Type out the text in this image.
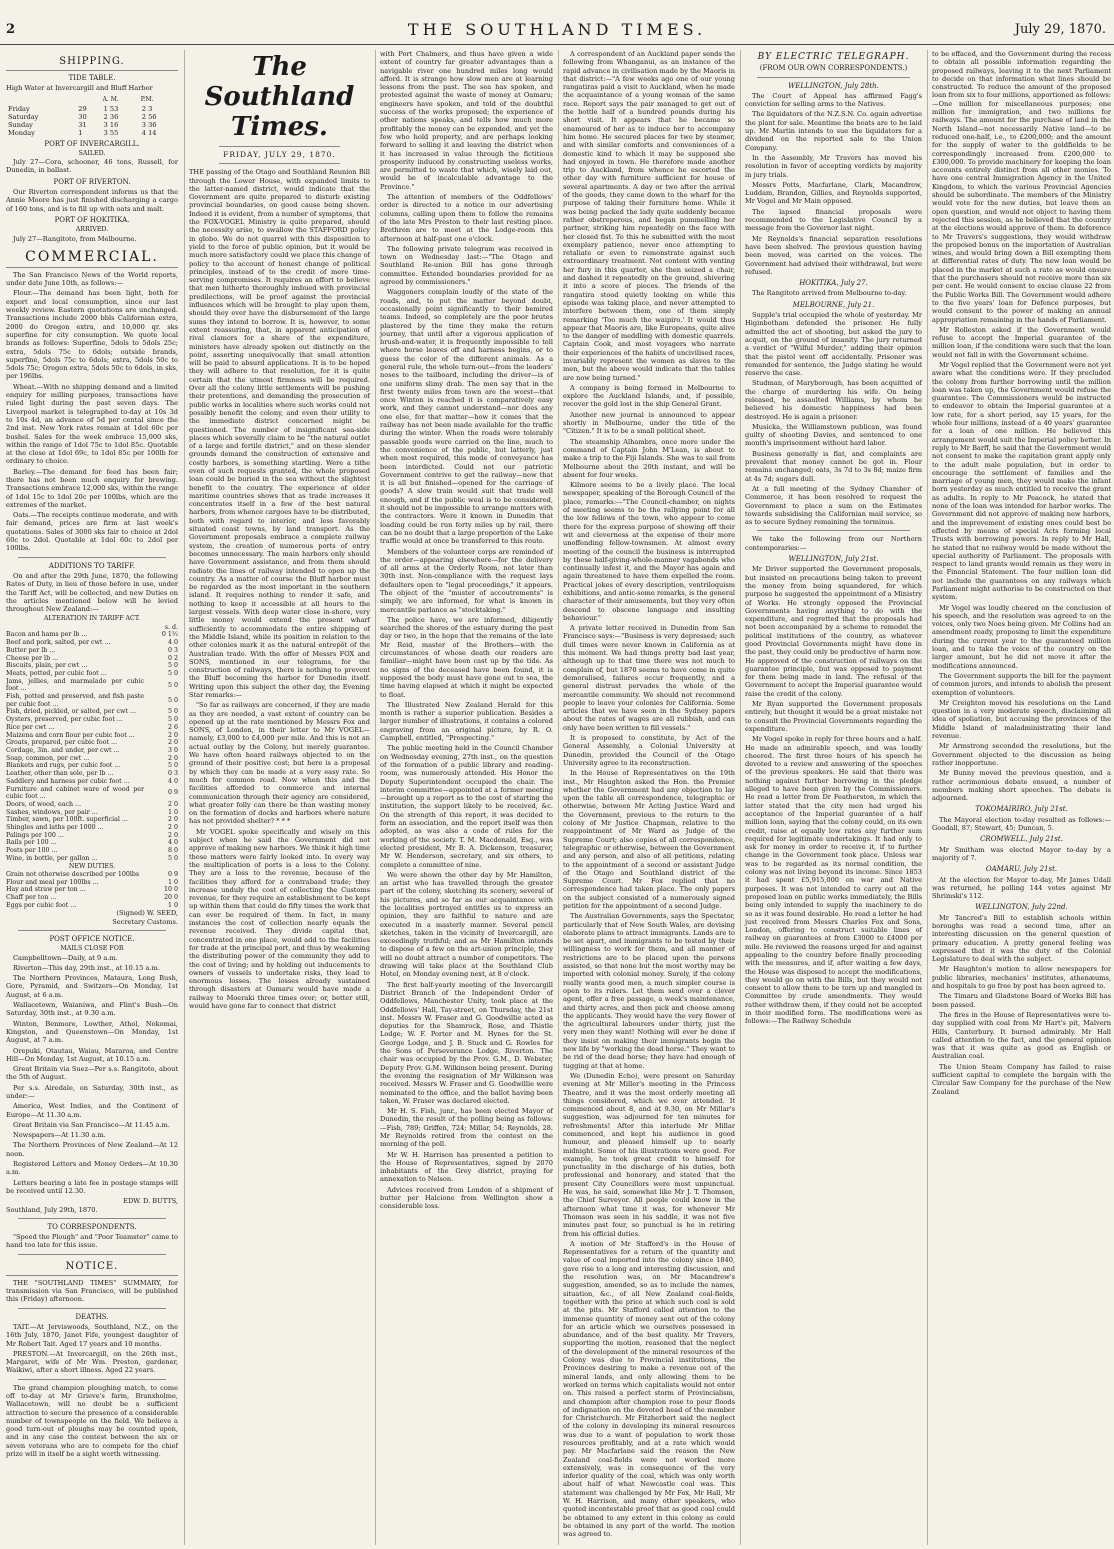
2	THE SOUTHLAND TIMES.	July 29, 1870.
SHIPPING.
TIDE TABLE.

High Water at Invercargill and Bluff Harbor

		A. M.	P.M.
Friday	29	1 53	2 3
Saturday	30	2 36	2 56
Sunday	31	3 16	3 36
Monday	1	3 55	4 14
PORT OF INVERCARGILL.
SAILED.

July 27—Cora, schooner, 46 tons, Russell, for Dunedin, in ballast.

PORT OF RIVERTON.

Our Riverton correspondent informs us that the Annie Moore has just finished discharging a cargo of 160 tons, and is to fill up with oats and malt.

PORT OF HOKITIKA.
ARRIVED.

July 27—Rangitoto, from Melbourne.

COMMERCIAL.

The San Francisco News of the World reports, under date June 10th, as follows:—

Flour.—The demand has been light, both for export and local consumption, since our last weekly review. Eastern quotations are unchanged. Transactions include 2000 bbls Californian extra, 2000 do Oregon extra, and 10,000 qr. sks superfine for city consumption. We quote local brands as follows: Superfine, 5dols to 5dols 25c; extra, 5dols 75c to 6dols; outside brands, superfine, 5dols 75c to 6dols; extra, 5dols 50c to 5dols 75c; Oregon extra, 5dols 50c to 6dols, in sks, per 196lbs.

Wheat.—With no shipping demand and a limited enquiry for milling purposes, transactions have ruled light during the past seven days. The Liverpool market is telegraphed to-day at 10s 3d to 10s 4d, an advance of 5d per cental since the 2nd inst. New York rates remain at 1dol 60c per bushel. Sales for the week embrace 15,000 sks, within the range of 1dol 75c to 1dol 85c. Quotable at the close at 1dol 69c, to 1dol 85c per 100lb for ordinary to choice.

Barley.—The demand for feed has been fair; there has not been much enquiry for brewing. Transactions embrace 12,000 sks, within the range of 1dol 15c to 1dol 20c per 100lbs, which are the extremes of the market.

Oats.—The receipts continue moderate, and with fair demand, prices are firm at last week's quotations. Sales of 3000 sks fair to choice at 2dol 60c to 2dol. Quotable at 1dol 60c to 2dol per 100lbs.

ADDITIONS TO TARIFF.

On and after the 29th June, 1870, the following Rates of Duty, in lieu of those before in use, under the Tariff Act, will be collected, and new Duties on the articles mentioned below will be levied throughout New Zealand:—

ALTERATION IN TARIFF ACT.
	s. d.
Bacon and hams per lb ...	0 1½
Beef and pork, salted, per cwt ...	4 0
Butter per lb ...	0 3
Cheese per lb ...	0 2
Biscuits, plain, per cwt ...	5 0
Meats, potted, per cubic foot ...	5 0
Jams, jellies, and marmalade per cubic foot ...	5 0
Fish, potted and preserved, and fish paste per cubic foot ...	5 0
Fish, dried, pickled, or salted, per cwt ...	5 0
Oysters, preserved, per cubic foot ...	5 0
Rice per cwt ...	2 6
Maizena and corn flour per cubic foot ...	2 0
Groats, prepared, per cubic foot ...	2 0
Cordage, 3in. and under, per cwt ...	3 0
Soap, common, per cwt ...	2 0
Blankets and rugs, per cubic foot ...	5 0
Leather, other than sole, per lb ...	0 3
Saddlery and harness per cubic foot ...	4 0
Furniture and cabinet ware of wood per cubic foot ...	0 9
Doors, of wood, each ...	2 0
Sashes, windows, per pair ...	1 0
Timber, sawn, per 100ft. superficial ...	2 0
Shingles and laths per 1000 ...	2 0
Palings per 100 ...	2 0
Rails per 100 ...	4 0
Posts per 100 ...	8 0
Wine, in bottle, per gallon ...	5 0
NEW DUTIES.
Grain not otherwise described per 100lbs	0 9
Flour and meal per 100lbs ...	1 0
Hay and straw per ton ...	10 0
Chaff per ton ...	20 0
Eggs per cubic foot ...	1 0
(Signed) W. SEED,
Secretary Customs.
POST OFFICE NOTICE.
MAILS CLOSE FOR

Campbelltown—Daily, at 9 a.m.

Riverton—This day, 29th inst., at 10.15 a.m.

The Northern Provinces, Mataura, Long Bush, Gore, Pyramid, and Switzers—On Monday, 1st August, at 6 a.m.

Wallacetown, Waianiwa, and Flint's Bush—On Saturday, 30th inst., at 9.30 a.m.

Winton, Benmore, Lowther, Athol, Nokomai, Kingston, and Queenstown—On Monday, 1st August, at 7 a.m.

Orepuki, Otautau, Waiau, Mararoa, and Centre Hill—On Monday, 1st August, at 10.15 a.m.

Great Britain via Suez—Per s.s. Rangitoto, about the 5th of August.

Per s.s. Airedale, on Saturday, 30th inst., as under:—

America, West Indies, and the Continent of Europe—At 11.30 a.m.

Great Britain via San Francisco—At 11.45 a.m.

Newspapers—At 11.30 a.m.

The Northern Provinces of New Zealand—At 12 noon.

Registered Letters and Money Orders—At 10.30 a.m.

Letters bearing a late fee in postage stamps will be received until 12.30.

EDW. D. BUTTS,

Southland, July 29th, 1870.

TO CORRESPONDENTS.

"Speed the Plough" and "Poor Teamster" came to hand too late for this issue.

NOTICE.

THE "SOUTHLAND TIMES" SUMMARY, for transmission via San Francisco, will be published this (Friday) afternoon.

DEATHS.

TAIT.—At Jerviswoods, Southland, N.Z., on the 16th July, 1870, Janet Fife, youngest daughter of Mr Robert Tait. Aged 17 years and 10 months.

PRESTON.—At Invercargill, on the 26th inst., Margaret, wife of Mr Wm. Preston, gardener, Waikiwi, after a short illness. Aged 22 years.

The grand champion ploughing match, to come off to-day at Mr Grieve's farm, Branxholme, Wallacetown, will no doubt be a sufficient attraction to secure the presence of a considerable number of townspeople on the field. We believe a good turn-out of ploughs may be counted upon, and in any case the contest between the six or seven veterans who are to compete for the chief prize will in itself be a sight worth witnessing.

The Southland Times.
FRIDAY, JULY 29, 1870.

THE passing of the Otago and Southland Reunion Bill through the Lower House, with expanded limits to the latter-named district, would indicate that the Government are quite prepared to disturb existing provincial boundaries, on good cause being shown. Indeed it is evident, from a number of symptoms, that the FOX-VOGEL Ministry is quite prepared, should the necessity arise, to swallow the STAFFORD policy in globo. We do not quarrel with this disposition to yield to the force of public opinion, but it would be much more satisfactory could we place this change of policy to the account of honest change of political principles, instead of to the credit of mere time-serving compromises. It requires an effort to believe that men hitherto thoroughly imbued with provincial predilections, will be proof against the provincial influences which will be brought to play upon them, should they ever have the disbursement of the large sums they intend to borrow. It is, however, to some extent reassuring, that, in apparent anticipation of rival clamors for a share of the expenditure, ministers have already spoken out distinctly on the point, asserting unequivocally that small attention will be paid to absurd applications. It is to be hoped they will adhere to that resolution, for it is quite certain that the utmost firmness will be required. Over all the colony little settlements will be pushing their pretentions, and demanding the prosecution of public works in localities where such works could not possibly benefit the colony, and even their utility to the immediate district concerned might be questioned. The number of insignificant sea-side places which severally claim to be "the natural outlet of a large and fertile district," and on these slender grounds demand the construction of extensive and costly harbors, is something startling. Were a tithe even of such requests granted, the whole proposed loan could be buried in the sea without the slightest benefit to the country. The experience of older maritime countries shows that as trade increases it concentrates itself in a few of the best natural harbors, from whence cargoes have to be distributed, both with regard to interior, and less favorably situated coast towns, by land transport. As the Government proposals embrace a complete railway system, the creation of numerous ports of entry becomes unnecessary. The main harbors only should have Government assistance, and from them should radiate the lines of railway intended to open up the country. As a matter of course the Bluff harbor must be regarded as the most important in the southern island. It requires nothing to render it safe, and nothing to keep it accessible at all hours to the largest vessels. With deep water close in-shore, very little money would extend the present wharf sufficiently to accommodate the entire shipping of the Middle Island, while its position in relation to the other colonies mark it as the natural entrepôt of the Australian trade. With the offer of Messrs FOX and SONS, mentioned in our telegrams, for the construction of railways, there is nothing to prevent the Bluff becoming the harbor for Dunedin itself. Writing upon this subject the other day, the Evening Star remarks:—

"So far as railways are concerned, if they are made as they are needed, a vast extent of country can be opened up at the rate mentioned by Messrs Fox and SONS, of London, in their letter to Mr VOGEL—namely, £3,000 to £4,000 per mile. And this is not an actual outlay by the Colony, but merely guarantee. We have often heard railways objected to on the ground of their positive cost; but here is a proposal by which they can be made at a very easy rate. So much for common road. Now when this and the facilities afforded to commerce and internal communication through their agency are considered, what greater folly can there be than wasting money on the formation of docks and harbors where nature has not provided shelter? * * *

Mr VOGEL spoke specifically and wisely on this subject when he said the Government did not approve of making new harbors. We think it high time these matters were fairly looked into. In every way the multiplication of ports is a loss to the Colony. They are a loss to the revenue, because of the facilities they afford for a contraband trade; they increase unduly the cost of collecting the Customs revenue, for they require an establishment to be kept up within them that could do fifty times the work that can ever be required of them. In fact, in many instances the cost of collection nearly equals the revenue received. They divide capital that, concentrated in one place, would add to the facilities for trade at the principal port, and thus by weakening the distributing power of the community they add to the cost of living; and by holding out inducements to owners of vessels to undertake risks, they lead to enormous losses. The losses already sustained through disasters at Oamaru would have made a railway to Moeraki three times over; or, better still, would have gone far to connect that district

with Port Chalmers, and thus have given a wide extent of country far greater advantages than a navigable river one hundred miles long would afford. It is strange how slow men are at learning lessons from the past. The sea has spoken, and protested against the waste of money at Oamaru; engineers have spoken, and told of the doubtful success of the works proposed; the experience of other nations speaks, and tells how much more profitably the money can be expended, and yet the few who hold property, and are perhaps looking forward to selling it and leaving the district when it has increased in value through the fictitious prosperity induced by constructing useless works, are permitted to waste that which, wisely laid out, would be of incalculable advantage to the Province."

The attention of members of the Oddfellows' order is directed to a notice in our advertising columns, calling upon them to follow the remains of the late Mrs Preston to their last resting place. Brethren are to meet at the Lodge-room this afternoon at half-past one o'clock.

The following private telegram was received in town on Wednesday last:—"The Otago and Southland Re-union Bill has gone through committee. Extended boundaries provided for as agreed by commissioners."

Waggoners complain loudly of the state of the roads, and, to put the matter beyond doubt, occasionally point significantly to their bemired teams. Indeed, so completely are the poor brutes plastered by the time they make the return journey, that until after a vigorous application of brush-and-water, it is frequently impossible to tell where horse leaves off and harness begins, or to guess the color of the different animals. As a general rule, the whole turn-out—from the leaders' noses to the tailboard, including the driver—is of one uniform slimy drab. The men say that in the first twenty miles from town are the worst—that once Winton is reached it is comparatively easy work, and they cannot understand—nor does any one else, for that matter—how it comes that the railway has not been made available for the traffic during the winter. When the roads were tolerably passable goods were carried on the line, much to the convenience of the public, but latterly, just when most required, this mode of conveyance has been interdicted. Could not our patriotic Government contrive to get the railway—now that it is all but finished—opened for the carriage of goods? A slow train would suit that trade well enough, and if the public weal is to be considered, it should not be impossible to arrange matters with the contractors. Were it known in Dunedin that loading could be run forty miles up by rail, there can be no doubt that a large proportion of the Lake traffic would at once be transferred to this route.

Members of the volunteer corps are reminded of the order—appearing elsewhere—for the delivery of all arms at the Orderly Room, not later than 30th inst. Non-compliance with the request lays defaulters open to "legal proceedings," it appears. The object of the "muster of accoutrements" is simply, we are informed, for what is known in mercantile parlance as "stocktaking."

The police have, we are informed, diligently searched the shores of the estuary during the past day or two, in the hope that the remains of the late Mr Reid, master of the Brothers—with the circumstances of whose death our readers are familiar—might have been cast up by the tide. As no signs of the deceased have been found, it is supposed the body must have gone out to sea, the time having elapsed at which it might be expected to float.

The Illustrated New Zealand Herald for this month is rather a superior publication. Besides a larger number of illustrations, it contains a colored engraving from an original picture, by R. O. Campbell, entitled, "Prospecting."

The public meeting held in the Council Chamber on Wednesday evening, 27th inst., on the question of the formation of a public library and reading-room, was numerously attended. His Honor the Deputy Superintendent occupied the chair. The interim committee—appointed at a former meeting—brought up a report as to the cost of starting the institution, the support likely to be received, &c. On the strength of this report, it was decided to form an association, and the report itself was then adopted, as was also a code of rules for the working of the society. T. M. Macdonald, Esq., was elected president, Mr B. A. Dickenson, treasurer, Mr W. Henderson, secretary, and six others, to complete a committee of nine.

We were shown the other day by Mr Hamilton, an artist who has travelled through the greater part of the colony, sketching its scenery, several of his pictures, and so far as our acquaintance with the localities portrayed entitles us to express an opinion, they are faithful to nature and are executed in a masterly manner. Several pencil sketches, taken in the vicinity of Invercargill, are exceedingly truthful; and as Mr Hamilton intends to dispose of a few on the art-union principle, they will no doubt attract a number of competitors. The drawing will take place at the Southland Club Hotel, on Monday evening next, at 8 o'clock.

The first half-yearly meeting of the Invercargill District Branch of the Independent Order of Oddfellows, Manchester Unity, took place at the Oddfellows' Hall, Tay-street, on Thursday, the 21st inst. Messrs W. Fraser and G. Goodwillie acted as deputies for the Shamrock, Rose, and Thistle Lodge; W. F. Porter and M. Hynes for the St. George Lodge, and J. B. Stuck and G. Rowles for the Sons of Perseverance Lodge, Riverton. The chair was occupied by the Prov. G.M., D. Webster, Deputy Prov. G.M. Wilkinson being present. During the evening the resignation of Mr Wilkinson was received. Messrs W. Fraser and G. Goodwillie were nominated to the office, and the ballot having been taken, W. Fraser was declared elected.

Mr H. S. Fish, junr., has been elected Mayor of Dunedin, the result of the polling being as follows:—Fish, 789; Griffen, 724; Millar, 54; Reynolds, 28. Mr Reynolds retired from the contest on the morning of the poll.

Mr W. H. Harrison has presented a petition to the House of Representatives, signed by 2070 inhabitants of the Grey district, praying for annexation to Nelson.

Advices received from London of a shipment of butter per Halcione from Wellington show a considerable loss.

A correspondent of an Auckland paper sends the following from Whanganui, as an instance of the rapid advance in civilisation made by the Maoris in that district:—"A few weeks ago one of our young rangatiras paid a visit to Auckland, when he made the acquaintance of a young woman of the same race. Report says the pair managed to get out of the bottle half of a hundred pounds during his short visit. It appears that he became so enamoured of her as to induce her to accompany him home. He secured places for two by steamer, and with similar comforts and conveniences of a domestic kind to which it may be supposed she had enjoyed in town. He therefore made another trip to Auckland, from whence he escorted the other day with furniture sufficient for house of several apartments. A day or two after the arrival of the goods, they came down to the wharf for the purpose of taking their furniture home. While it was being packed the lady quite suddenly became rather obstreperous, and began pummelling her partner, striking him repeatedly on the face with her closed fist. To this he submitted with the most exemplary patience, never once attempting to retaliate or even to remonstrate against such extraordinary treatment. Not content with venting her fury in this quarter, she then seized a chair, and dashed it repeatedly on the ground, shivering it into a score of pieces. The friends of the rangatira stood quietly looking on while this episode was taking place, and never attempted to interfere between them, one of them simply remarking 'Too much the waipiro.' It would thus appear that Maoris are, like Europeans, quite alive to the danger of meddling with domestic quarrels. Captain Cook, and most voyagers who narrate their experiences of the habits of uncivilised races, invariably represent the women as slaves to the men, but the above would indicate that the tables are now being turned."

A company is being formed in Melbourne to explore the Auckland Islands, and, if possible, recover the gold lost in the ship General Grant.

Another new journal is announced to appear shortly in Melbourne, under the title of the "Citizen." It is to be a small political sheet.

The steamship Alhambra, once more under the command of Captain John M'Lean, is about to make a trip to the Fiji Islands. She was to sail from Melbourne about the 20th instant, and will be absent for four weeks.

Kilmore seems to be a lively place. The local newspaper, speaking of the Borough Council of the place, remarks:—"The Council-chamber, on nights of meeting seems to be the rallying point for all the low fellows of the town, who appear to come there for the express purpose of showing off their wit and cleverness at the expense of their more unoffending fellow-townsmen. At almost every meeting of the council the business is interrupted by these half-giving-whole-manner vagabonds who continually infest it, and the Mayor has again and again threatened to have them expelled the room. Practical jokes of every description, ventriloquism exhibitions, and antic-some remarks, is the general character of their amusements, but they very often descend to obscene language and insulting behaviour."

A private letter received in Dunedin from San Francisco says:—"Business is very depressed; such dull times were never known in California as at this moment. We had things pretty bad last year, although up to that time there was not much to complain of, but 1870 seems to have come in quite demoralised, failures occur frequently, and a general distrust pervades the whole of the mercantile community. We should not recommend people to leave your colonies for California. Some articles that we have seen in the Sydney papers about the rates of wages are all rubbish, and can only have been written to fill vessels."

It is proposed to constitute, by Act of the General Assembly, a Colonial University at Dunedin, provided the Council of the Otago University agree to its reconstruction.

In the House of Representatives on the 19th inst., Mr Haughton asked the Hon. the Premier whether the Government had any objection to lay upon the table all correspondence, telegraphic or otherwise, between Mr Acting Justice Ward and the Government, previous to the return to the colony of Mr Justice Chapman, relative to the reappointment of Mr Ward as Judge of the Supreme Court; also copies of all correspondence, telegraphic or otherwise, between the Government and any person, and also of all petitions, relating to the appointment of a second or assistant Judge of the Otago and Southland district of the Supreme Court. Mr Fox replied that no correspondence had taken place. The only papers on the subject consisted of a numerously signed petition for the appointment of a second Judge.

The Australian Governments, says the Spectator, particularly that of New South Wales, are devising elaborate plans to attract immigrants. Lands are to be set apart, and immigrants to be tested by their willingness to work for them, and all manner of restrictions are to be placed upon the persons assisted, so that none but the most worthy may be imported with colonial money. Surely, if the colony really wants good men, a much simpler course is open to its rulers. Let them send over a clever agent, offer a free passage, a week's maintenance, and thirty acres, and then pick and choose among the applicants. They would have the very flower of the agricultural labourers under thirty, just the very men they want! Nothing will ever be done if they insist on making their immigrants begin the new life by "working the dead horse." They want to be rid of the dead horse; they have had enough of tugging at that at home.

We (Dunedin Echo), were present on Saturday evening at Mr Miller's meeting in the Princess Theatre, and it was the most orderly meeting all things considered, which we ever attended. It commenced about 8, and at 9.30, on Mr Millar's suggestion, was adjourned for ten minutes for refreshments! After this interlude Mr Millar commenced, and kept his audience in good humour, and pleased himself up to nearly midnight. Some of his illustrations were good. For example, he took great credit to himself for punctuality in the discharge of his duties, both professional and honorary, and stated that the present City Councillors were most unpunctual. He was, he said, somewhat like Mr J. T. Thomson, the Chief Surveyor. All people could know in the afternoon what time it was, for whenever Mr Thomson was seen in his saddle, it was not five minutes past four, so punctual is he in retiring from his official duties.

A motion of Mr Stafford's in the House of Representatives for a return of the quantity and value of coal imported into the colony since 1840, gave rise to a long and interesting discussion, and the resolution was, on Mr Macandrew's suggestion, amended, so as to include the names, situation, &c., of all New Zealand coal-fields, together with the price at which such coal is sold at the pits. Mr Stafford called attention to the immense quantity of money sent out of the colony for an article which we ourselves possessed in abundance, and of the best quality. Mr Travers, supporting the motion, reasoned that the neglect of the development of the mineral resources of the Colony was due to Provincial institutions, the Provinces desiring to make a revenue out of the mineral lands, and only allowing them to be worked on terms which capitalists would not enter on. This raised a perfect storm of Provincialism, and champion after champion rose to pour floods of indignation on the devoted head of the member for Christchurch. Mr Fitzherbert said the neglect of the colony in developing its mineral resources was due to a want of population to work those resources profitably, and at a rate which would pay. Mr Macfarlane said the reason the New Zealand coal-fields were not worked more extensively, was in consequence of the very inferior quality of the coal, which was only worth about half of what Newcastle coal was. This statement was challenged by Mr Fox, Mr Hall, Mr W. H. Harrison, and many other speakers, who quoted incontestable proof that as good coal could be obtained to any extent in this colony as could be obtained in any part of the world. The motion was agreed to.

BY ELECTRIC TELEGRAPH.
(FROM OUR OWN CORRESPONDENTS.)
WELLINGTON, July 28th.

The Court of Appeal has affirmed Fagg's conviction for selling arms to the Natives.

The liquidators of the N.Z.S.N. Co. again advertise the plant for sale. Meantime the boats are to be laid up. Mr Martin intends to sue the liquidators for a dividend on the reported sale to the Union Company.

In the Assembly, Mr Travers has moved his resolution in favor of accepting verdicts by majority in jury trials.

Messrs Potts, Macfarlane, Clark, Macandrew, Luddam, Brandon, Gillies, and Reynolds supported, Mr Vogel and Mr Main opposed.

The lapsed financial proposals were recommended to the Legislative Council by a message from the Governor last night.

Mr Reynolds's financial separation resolutions have been shelved. The previous question having been moved, was carried on the voices. The Government had advised their withdrawal, but were refused.

HOKITIKA, July 27.

The Rangitoto arrived from Melbourne to-day.

MELBOURNE, July 21.

Supple's trial occupied the whole of yesterday. Mr Higinbotham defended the prisoner. He fully admitted the act of shooting, but asked the jury to acquit, on the ground of insanity. The jury returned a verdict of "Wilful Murder," adding their opinion that the pistol went off accidentally. Prisoner was remanded for sentence, the Judge stating he would reserve the case.

Studman, of Maryborough, has been acquitted of the charge of murdering his wife. On being released, he assaulted Williams, by whom he believed his domestic happiness had been destroyed. He is again a prisoner.

Musicka, the Williamstown publican, was found guilty of shooting Davies, and sentenced to one month's imprisonment without hard labor.

Business generally is flat, and complaints are prevalent that money cannot be got in. Flour remains unchanged; oats, 3s 7d to 3s 8d; maize firm at 4s 7d; sugars dull.

At a full meeting of the Sydney Chamber of Commerce, it has been resolved to request the Government to place a sum on the Estimates towards subsidising the Californian mail service, so as to secure Sydney remaining the terminus.

We take the following from our Northern contemporaries:—

WELLINGTON, July 21st.

Mr Driver supported the Government proposals, but insisted on precautions being taken to prevent the money from being squandered, for which purpose he suggested the appointment of a Ministry of Works. He strongly opposed the Provincial Governments having anything to do with the expenditure, and regretted that the proposals had not been accompanied by a scheme to remodel the political institutions of the country, as whatever good Provincial Governments might have done in the past, they could only be productive of harm now. He approved of the construction of railways on the guarantee principle, but was opposed to payment for them being made in land. The refusal of the Government to accept the Imperial guarantee would raise the credit of the colony.

Mr Ryan supported the Government proposals entirely, but thought it would be a great mistake not to consult the Provincial Governments regarding the expenditure.

Mr Vogel spoke in reply for three hours and a half. He made an admirable speech, and was loudly cheered. The first three hours of his speech he devoted to a review and answering of the speeches of the previous speakers. He said that there was nothing against further borrowing in the pledge alleged to have been given by the Commissioners. He read a letter from Dr Featherston, in which the latter stated that the city men had urged his acceptance of the Imperial guarantee of a half million loan, saying that the colony could, on its own credit, raise at equally low rates any further sum required for legitimate undertakings. It had only to ask for money in order to receive it, if to further change in the Government took place. Unless war was to be regarded as its normal condition, the colony was not living beyond its income. Since 1853 it had spent £5,915,000 on war and Native purposes. It was not intended to carry out all the proposed loan on public works immediately, the Bills being only intended to supply the machinery to do so as it was found desirable. He read a letter he had just received from Messrs Charles Fox and Sons, London, offering to construct suitable lines of railway on guarantees at from £3000 to £4000 per mile. He reviewed the reasons urged for and against appealing to the country before finally proceeding with the measures, and if, after waiting a few days, the House was disposed to accept the modifications, they would go on with the Bills, but they would not consent to allow them to be torn up and mangled in Committee by crude amendments. They would rather withdraw them, if they could not be accepted in their modified form. The modifications were as follows:—The Railway Schedule

to be effaced, and the Government during the recess to obtain all possible information regarding the proposed railways, leaving it to the next Parliament to decide on that information what lines should be constructed. To reduce the amount of the proposed loan from six to four millions, apportioned as follows:—One million for miscellaneous purposes; one million for immigration, and two millions for railways. The amount for the purchase of land in the North Island—not necessarily Native land—to be reduced one-half, i.e., to £200,000; and the amount for the supply of water to the goldfields to be correspondingly increased from £200,000 to £300,000. To provide machinery for keeping the loan accounts entirely distinct from all other monies. To have one central Immigration Agency in the United Kingdom, to which the various Provincial Agencies should be subordinate. The members of the Ministry would vote for the new duties, but leave them an open question, and would not object to having them rejected this session, as he believed that the country at the elections would approve of them. In deference to Mr Travers's suggestions, they would withdraw the proposed bonus on the importation of Australian wines, and would bring down a Bill exempting them at differential rates of duty. The new loan would be placed in the market at such a rate as would ensure that the purchasers should not receive more than six per cent. He would consent to excise clause 22 from the Public Works Bill. The Government would adhere to the five years' loan for Defence purposes, but would consent to the power of making an annual appropriation remaining in the hands of Parliament.

Mr Rolleston asked if the Government would refuse to accept the Imperial guarantee of the million loan, if the conditions were such that the loan would not fall in with the Government scheme.

Mr Vogel replied that the Government were not yet aware what the conditions were. If they precluded the colony from further borrowing until the million loan was taken up, the Government would refuse the guarantee. The Commissioners would be instructed to endeavor to obtain the Imperial guarantee at a low rate, for a short period, say 15 years, for the whole four millions, instead of a 40 years' guarantee for a loan of one million. He believed this arrangement would suit the Imperial policy better. In reply to Mr Barff, he said that the Government would not consent to make the capitation grant apply only to the adult male population, but in order to encourage the settlement of families and the marriage of young men, they would make the infant born yesterday as much entitled to receive the grant as adults. In reply to Mr Peacock, he stated that none of the loan was intended for harbor works. The Government did not approve of making new harbors, and the improvement of existing ones could best be effected by means of special Acts forming local Trusts with borrowing powers. In reply to Mr Hall, he stated that no railway would be made without the special authority of Parliament. The proposals with respect to land grants would remain as they were in the Financial Statement. The four million loan did not include the guarantees on any railways which Parliament might authorise to be constructed on that system.

Mr Vogel was loudly cheered on the conclusion of his speech, and the resolution was agreed to on the voices, only two Noes being given. Mr Collins had an amendment ready, proposing to limit the expenditure during the current year to the guaranteed million loan, and to take the voice of the country on the larger amount, but he did not move it after the modifications announced.

The Government supports the bill for the payment of common jurors, and intends to abolish the present exemption of volunteers.

Mr Creighton moved his resolutions on the Land question in a very moderate speech, disclaiming all idea of spoliation, but accusing the provinces of the Middle Island of maladministrating their land revenue.

Mr Armstrong seconded the resolutions, but the Government objected to the discussion as being rather inopportune.

Mr Bunny moved the previous question, and a rather acrimonious debate ensued, a number of members making short speeches. The debate is adjourned.

TOKOMAIRIRO, July 21st.

The Mayoral election to-day resulted as follows:—Goodall, 87; Stewart, 45; Duncan, 5.

CROMWELL, July 21st.

Mr Smitham was elected Mayor to-day by a majority of 7.

OAMARU, July 21st.

At the election for Mayor to-day, Mr James Udall was returned, he polling 144 votes against Mr Shrimski's 112.

WELLINGTON, July 22nd.

Mr Tancred's Bill to establish schools within boroughs was read a second time, after an interesting discussion on the general question of primary education. A pretty general feeling was expressed that it was the duty of the Colonial Legislature to deal with the subject.

Mr Haughton's motion to allow newspapers for public libraries, mechanics' institutes, athenæums, and hospitals to go free by post has been agreed to.

The Timaru and Gladstone Board of Works Bill has been passed.

The fires in the House of Representatives were to-day supplied with coal from Mr Hart's pit, Malvern Hills, Canterbury. It burned admirably. Mr Hall called attention to the fact, and the general opinion was that it was quite as good as English or Australian coal.

The Union Steam Company has failed to raise sufficient capital to complete the bargain with the Circular Saw Company for the purchase of the New Zealand
